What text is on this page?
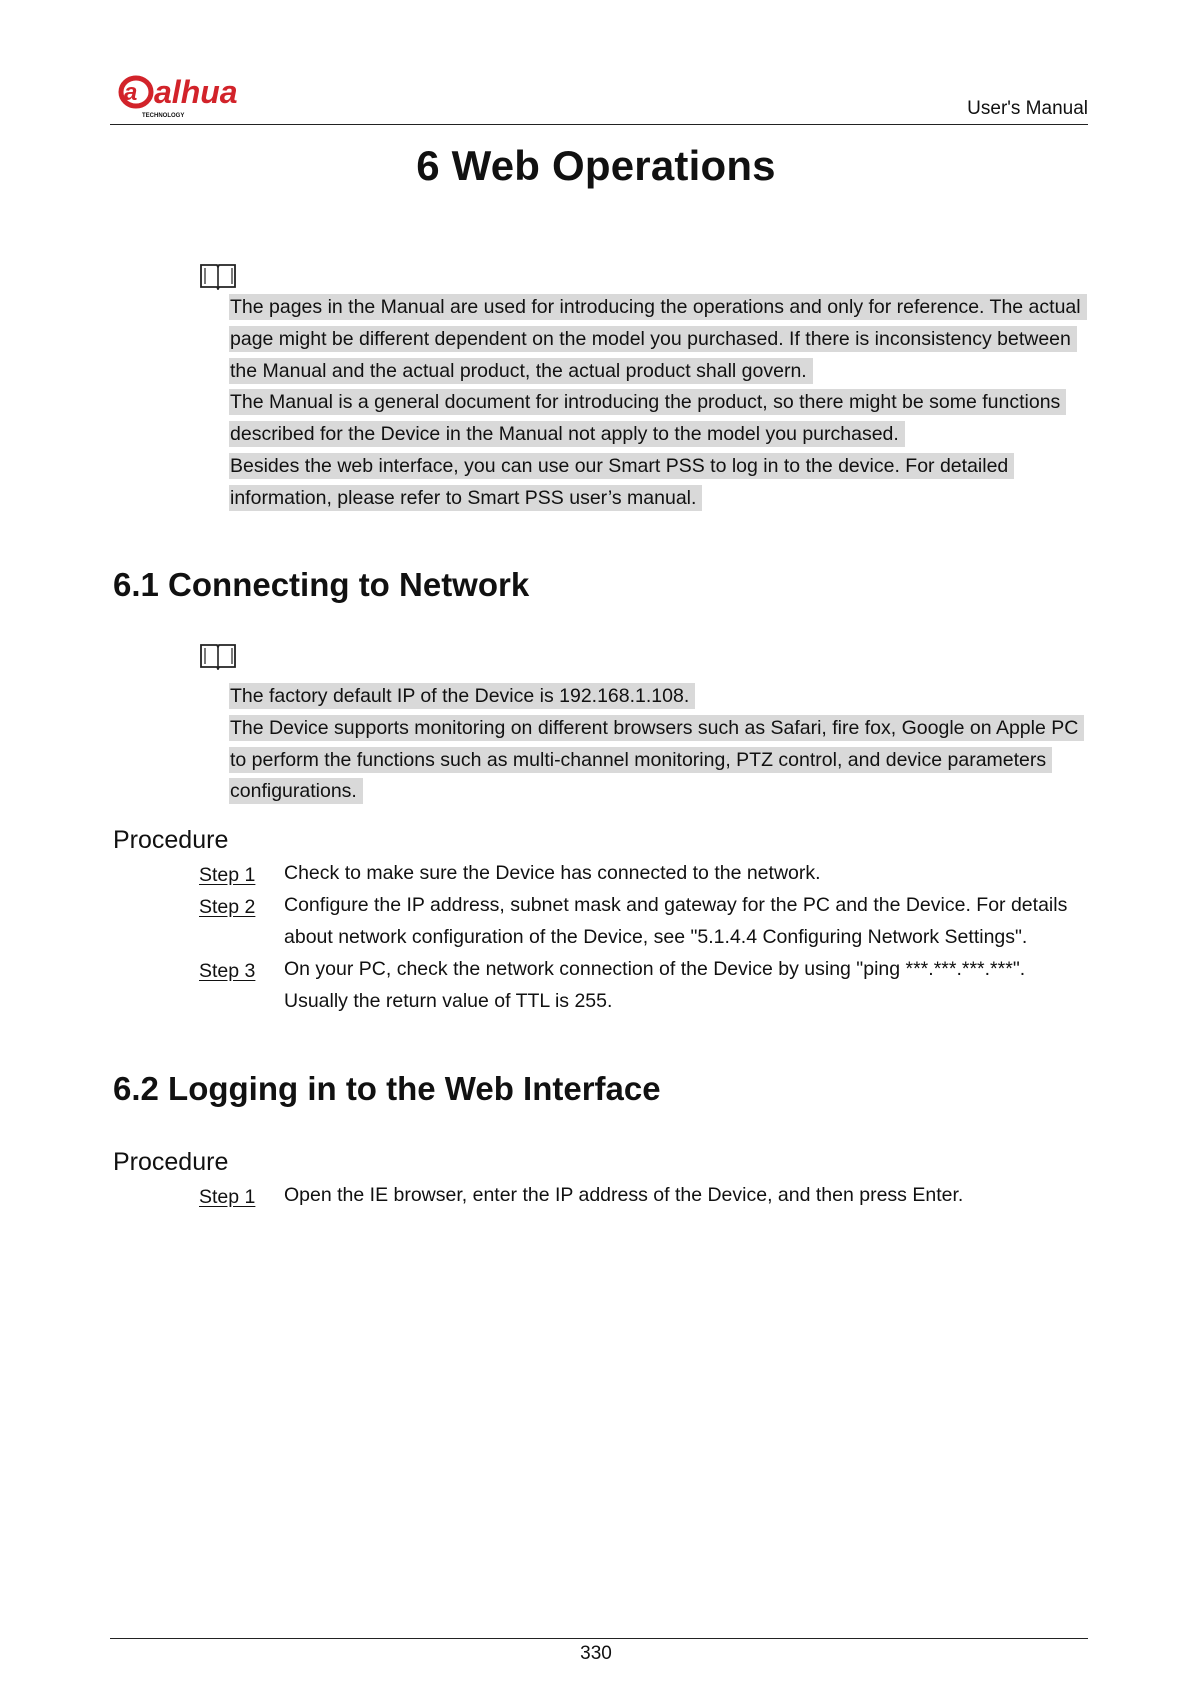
a alhua
TECHNOLOGY	User's Manual
6 Web Operations

The pages in the Manual are used for introducing the operations and only for reference. The actual page might be different dependent on the model you purchased. If there is inconsistency between the Manual and the actual product, the actual product shall govern.

The Manual is a general document for introducing the product, so there might be some functions described for the Device in the Manual not apply to the model you purchased.

Besides the web interface, you can use our Smart PSS to log in to the device. For detailed information, please refer to Smart PSS user’s manual.

6.1 Connecting to Network

The factory default IP of the Device is 192.168.1.108.

The Device supports monitoring on different browsers such as Safari, fire fox, Google on Apple PC to perform the functions such as multi-channel monitoring, PTZ control, and device parameters configurations.

Procedure
Step 1 Check to make sure the Device has connected to the network.
Step 2 Configure the IP address, subnet mask and gateway for the PC and the Device. For details about network configuration of the Device, see "5.1.4.4 Configuring Network Settings".
Step 3 On your PC, check the network connection of the Device by using "ping ***.***.***.***". Usually the return value of TTL is 255.
6.2 Logging in to the Web Interface
Procedure
Step 1 Open the IE browser, enter the IP address of the Device, and then press Enter.
330
